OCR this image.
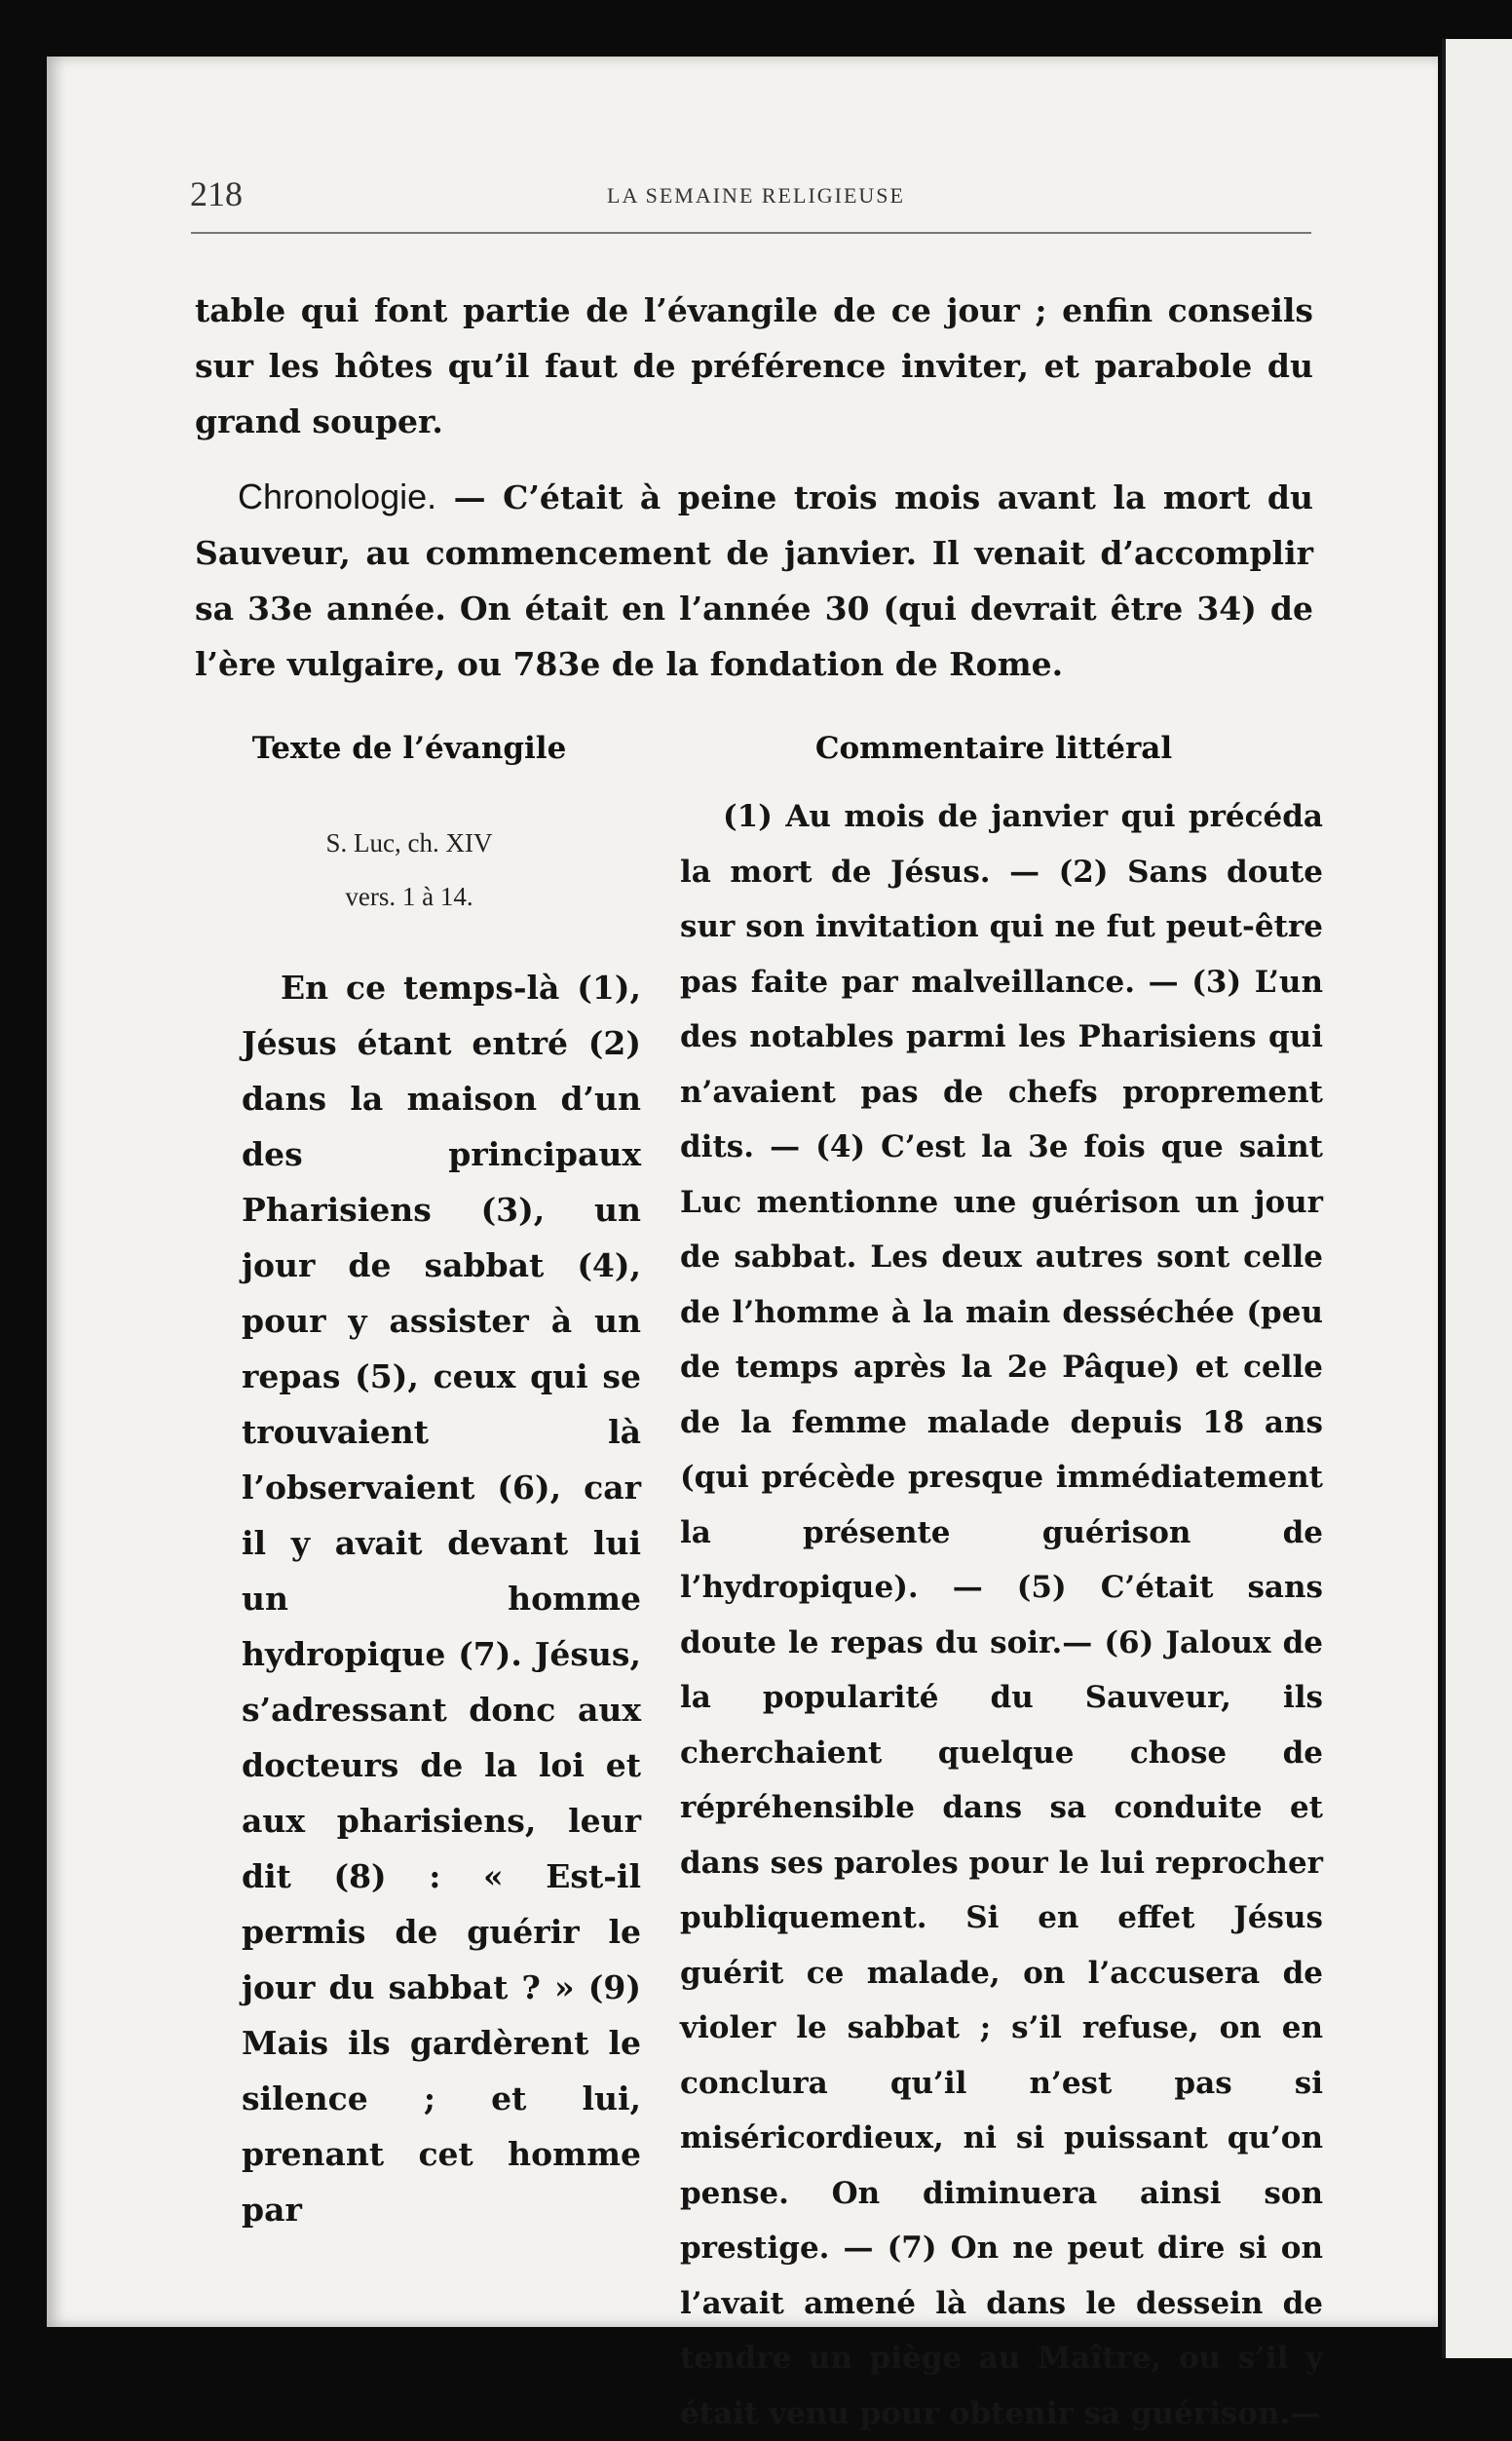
218	LA SEMAINE RELIGIEUSE

table qui font partie de l’évangile de ce jour ; enfin conseils sur les hôtes qu’il faut de préférence inviter, et parabole du grand souper.

Chronologie. — C’était à peine trois mois avant la mort du Sauveur, au commencement de janvier. Il venait d’accomplir sa 33e année. On était en l’année 30 (qui devrait être 34) de l’ère vulgaire, ou 783e de la fondation de Rome.

Texte de l’évangile	Commentaire littéral
S. Luc, ch. XIV
vers. 1 à 14.
En ce temps-là (1), Jésus étant entré (2) dans la maison d’un des principaux Pharisiens (3), un jour de sabbat (4), pour y assister à un repas (5), ceux qui se trouvaient là l’observaient (6), car il y avait devant lui un homme hydropique (7). Jésus, s’adressant donc aux docteurs de la loi et aux pharisiens, leur dit (8) : « Est-il permis de guérir le jour du sabbat ? » (9) Mais ils gardèrent le silence ; et lui, prenant cet homme par
(1) Au mois de janvier qui précéda la mort de Jésus. — (2) Sans doute sur son invitation qui ne fut peut-être pas faite par malveillance. — (3) L’un des notables parmi les Pharisiens qui n’avaient pas de chefs proprement dits. — (4) C’est la 3e fois que saint Luc mentionne une guérison un jour de sabbat. Les deux autres sont celle de l’homme à la main desséchée (peu de temps après la 2e Pâque) et celle de la femme malade depuis 18 ans (qui précède presque immédiatement la présente guérison de l’hydropique). — (5) C’était sans doute le repas du soir.— (6) Jaloux de la popularité du Sauveur, ils cherchaient quelque chose de répréhensible dans sa conduite et dans ses paroles pour le lui reprocher publiquement. Si en effet Jésus guérit ce malade, on l’accusera de violer le sabbat ; s’il refuse, on en conclura qu’il n’est pas si miséricordieux, ni si puissant qu’on pense. On diminuera ainsi son prestige. — (7) On ne peut dire si on l’avait amené là dans le dessein de tendre un piège au Maître, ou s’il y était venu pour obtenir sa guérison.—
